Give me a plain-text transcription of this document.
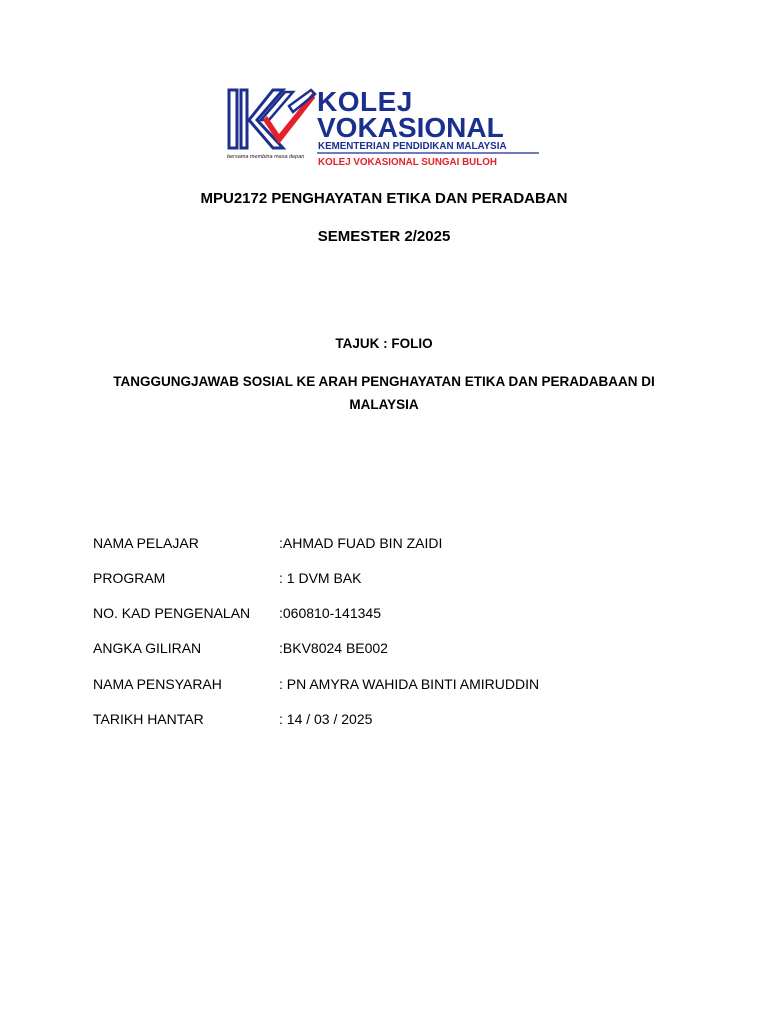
bersama membina masa depan
KOLEJ
VOKASIONAL
KEMENTERIAN PENDIDIKAN MALAYSIA
KOLEJ VOKASIONAL SUNGAI BULOH
MPU2172 PENGHAYATAN ETIKA DAN PERADABAN
SEMESTER 2/2025
TAJUK : FOLIO
TANGGUNGJAWAB SOSIAL KE ARAH PENGHAYATAN ETIKA DAN PERADABAAN DI MALAYSIA
NAMA PELAJAR	:AHMAD FUAD BIN ZAIDI
PROGRAM	: 1 DVM BAK
NO. KAD PENGENALAN :060810-141345
ANGKA GILIRAN	:BKV8024 BE002
NAMA PENSYARAH	: PN AMYRA WAHIDA BINTI AMIRUDDIN
TARIKH HANTAR	: 14 / 03 / 2025
